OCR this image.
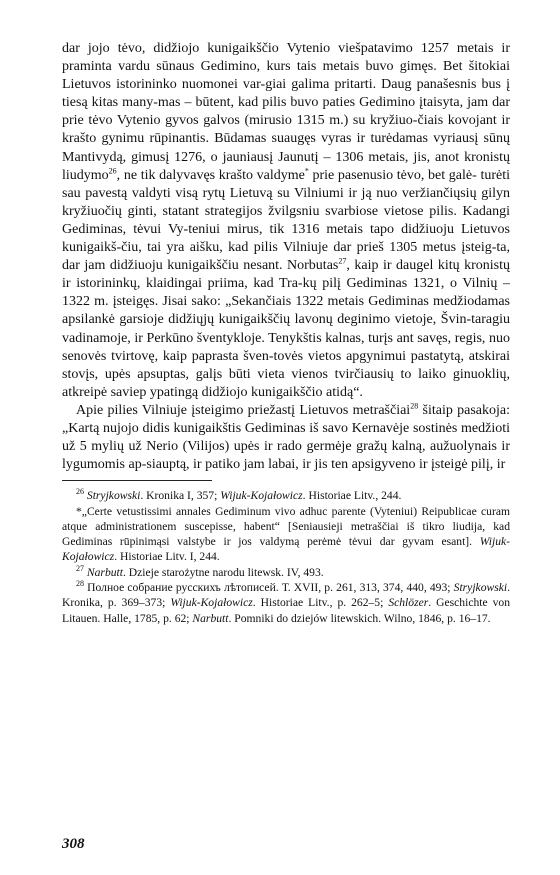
dar jojo tėvo, didžiojo kunigaikščio Vytenio viešpatavimo 1257 metais ir praminta vardu sūnaus Gedimino, kurs tais metais buvo gimęs. Bet šitokiai Lietuvos istorininko nuomonei var-giai galima pritarti. Daug panašesnis bus į tiesą kitas many-mas – būtent, kad pilis buvo paties Gedimino įtaisyta, jam dar prie tėvo Vytenio gyvos galvos (mirusio 1315 m.) su kryžiuo-čiais kovojant ir krašto gynimu rūpinantis. Būdamas suaugęs vyras ir turėdamas vyriausį sūnų Mantivydą, gimusį 1276, o jauniausį Jaunutį – 1306 metais, jis, anot kronistų liudymo$^{26}$, ne tik dalyvavęs krašto valdyme* prie pasenusio tėvo, bet galė- turėti sau pavestą valdyti visą rytų Lietuvą su Vilniumi ir ją nuo veržiančiųsių gilyn kryžiuočių ginti, statant strategijos žvilgsniu svarbiose vietose pilis. Kadangi Gediminas, tėvui Vy-teniui mirus, tik 1316 metais tapo didžiuoju Lietuvos kunigaikš-čiu, tai yra aišku, kad pilis Vilniuje dar prieš 1305 metus įsteig-ta, dar jam didžiuoju kunigaikščiu nesant. Norbutas$^{27}$, kaip ir daugel kitų kronistų ir istorininkų, klaidingai priima, kad Tra-kų pilį Gediminas 1321, o Vilnių – 1322 m. įsteigęs. Jisai sako: „Sekančiais 1322 metais Gediminas medžiodamas apsilankė garsioje didžiųjų kunigaikščių lavonų deginimo vietoje, Švin-taragiu vadinamoje, ir Perkūno šventykloje. Tenykštis kalnas, turįs ant savęs, regis, nuo senovės tvirtovę, kaip paprasta šven-tovės vietos apgynimui pastatytą, atskirai stovįs, upės apsuptas, galįs būti vieta vienos tvirčiausių to laiko ginuoklių, atkreipė saviep ypatingą didžiojo kunigaikščio atidą“.

Apie pilies Vilniuje įsteigimo priežastį Lietuvos metraščiai$^{28}$ šitaip pasakoja: „Kartą nujojo didis kunigaikštis Gediminas iš savo Kernavėje sostinės medžioti už 5 mylių už Nerio (Vilijos) upės ir rado germėje gražų kalną, aužuolynais ir lygumomis ap-siauptą, ir patiko jam labai, ir jis ten apsigyveno ir įsteigė pilį, ir

$^{26}$ Stryjkowski. Kronika I, 357; Wijuk-Kojałowicz. Historiae Litv., 244.

*„Certe vetustissimi annales Gediminum vivo adhuc parente (Vyteniui) Reipublicae curam atque administrationem suscepisse, habent“ [Seniausieji metraščiai iš tikro liudija, kad Gediminas rūpinimąsi valstybe ir jos valdymą perėmė tėvui dar gyvam esant]. Wijuk-Kojałowicz. Historiae Litv. I, 244.

$^{27}$ Narbutt. Dzieje starożytne narodu litewsk. IV, 493.

$^{28}$ Полное собрание русскихъ лѣтописей. Т. XVII, p. 261, 313, 374, 440, 493; Stryjkowski. Kronika, p. 369–373; Wijuk-Kojałowicz. Historiae Litv., p. 262–5; Schlözer. Geschichte von Litauen. Halle, 1785, p. 62; Narbutt. Pomniki do dziejów litewskich. Wilno, 1846, p. 16–17.

308
